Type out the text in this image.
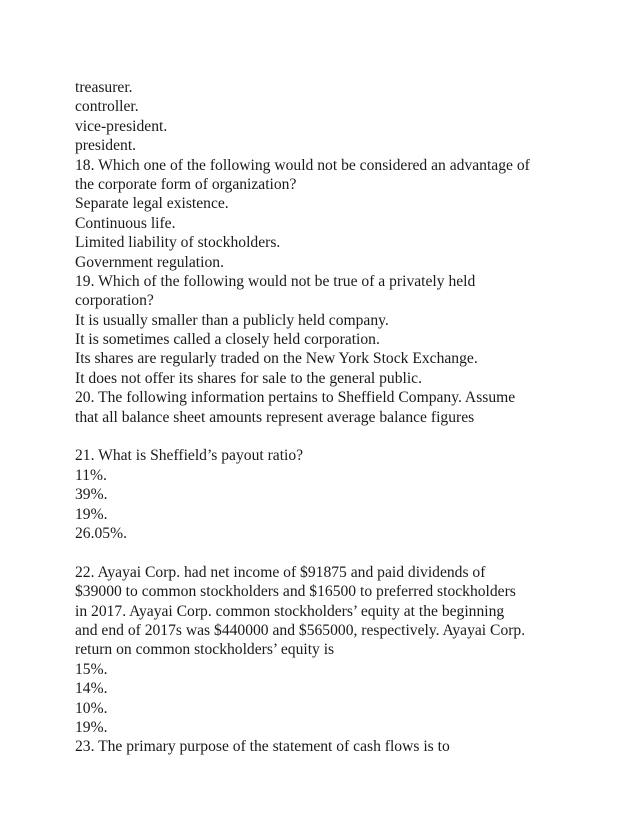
treasurer.
controller.
vice-president.
president.
18. Which one of the following would not be considered an advantage of
the corporate form of organization?
Separate legal existence.
Continuous life.
Limited liability of stockholders.
Government regulation.
19. Which of the following would not be true of a privately held
corporation?
It is usually smaller than a publicly held company.
It is sometimes called a closely held corporation.
Its shares are regularly traded on the New York Stock Exchange.
It does not offer its shares for sale to the general public.
20. The following information pertains to Sheffield Company. Assume
that all balance sheet amounts represent average balance figures
21. What is Sheffield’s payout ratio?
11%.
39%.
19%.
26.05%.
22. Ayayai Corp. had net income of $91875 and paid dividends of
$39000 to common stockholders and $16500 to preferred stockholders
in 2017. Ayayai Corp. common stockholders’ equity at the beginning
and end of 2017s was $440000 and $565000, respectively. Ayayai Corp.
return on common stockholders’ equity is
15%.
14%.
10%.
19%.
23. The primary purpose of the statement of cash flows is to
